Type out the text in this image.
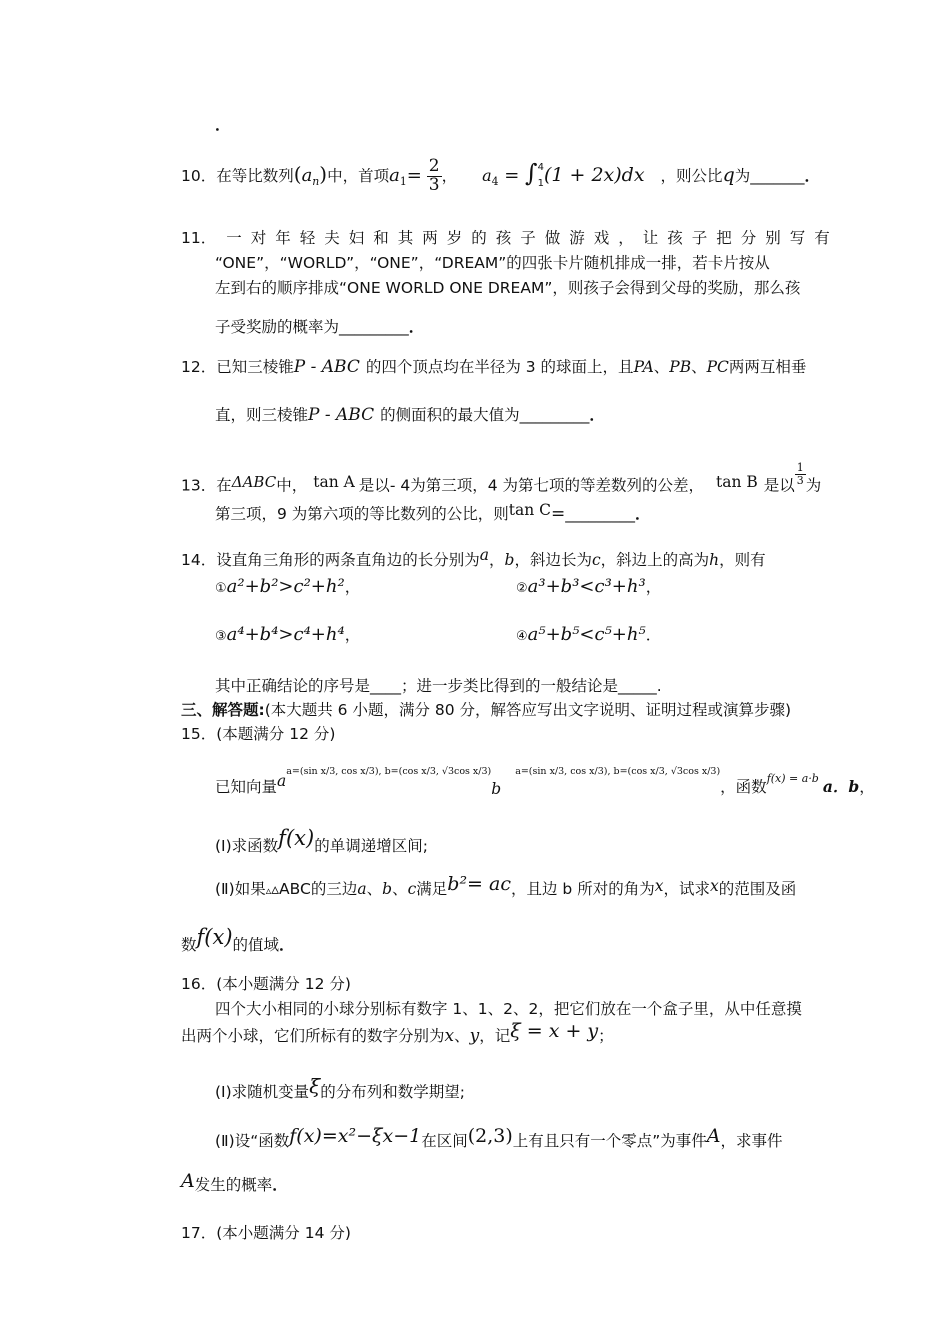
．
10．在等比数列$(a_n)$中，首项$a_1= \frac{2}{3}$ ， $a_4$ = ∫ 4
1 (1 + 2x)dx ，则公比q为_______．
11． 一对年轻夫妇和其两岁的孩子做游戏，让孩子把分别写有
“ONE”，“WORLD”，“ONE”，“DREAM”的四张卡片随机排成一排，若卡片按从
左到右的顺序排成“ONE WORLD ONE DREAM”，则孩子会得到父母的奖励，那么孩
子受奖励的概率为_________．
12．已知三棱锥P - ABC 的四个顶点均在半径为 3 的球面上，且PA、PB、PC两两互相垂
直，则三棱锥P - ABC 的侧面积的最大值为_________．
13．在ΔABC中， tan A 是以- 4为第三项，4 为第七项的等差数列的公差， tan B 是以 $\frac{1}{3}$ 为
第三项，9 为第六项的等比数列的公比，则tan C=_________．
14．设直角三角形的两条直角边的长分别为a，b，斜边长为c，斜边上的高为h，则有
①a²+b²>c²+h²，	②a³+b³<c³+h³，
③a⁴+b⁴>c⁴+h⁴，	④a⁵+b⁵<c⁵+h⁵．
其中正确结论的序号是____；进一步类比得到的一般结论是_____.
三、解答题:(本大题共 6 小题，满分 80 分，解答应写出文字说明、证明过程或演算步骤)
15．(本题满分 12 分)
已知向量aa=(sin x/3, cos x/3), b=(cos x/3, √3cos x/3)ba=(sin x/3, cos x/3), b=(cos x/3, √3cos x/3)，函数$_{f(x) = a\cdot b}$ a．b，
(Ⅰ)求函数f(x)的单调递增区间;
(Ⅱ)如果▵▵ABC的三边a、b、c满足b²= ac，且边 b 所对的角为x，试求x的范围及函
数f(x)的值域．
16．(本小题满分 12 分)
四个大小相同的小球分别标有数字 1、1、2、2，把它们放在一个盒子里，从中任意摸
出两个小球，它们所标有的数字分别为x、y，记ξ = x + y；
(Ⅰ)求随机变量ξ的分布列和数学期望;
(Ⅱ)设“函数f(x)=x²−ξx−1在区间(2,3)上有且只有一个零点”为事件A，求事件
A发生的概率．
17．(本小题满分 14 分)
